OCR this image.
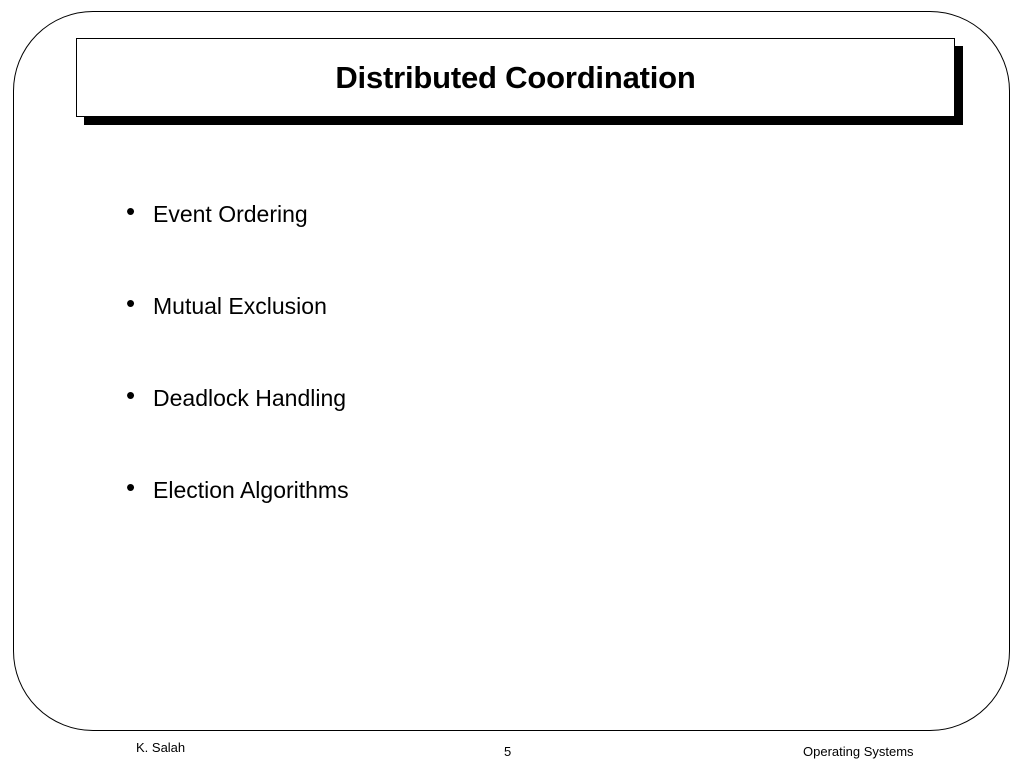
Distributed Coordination
• Event Ordering
• Mutual Exclusion
• Deadlock Handling
• Election Algorithms
K. Salah	5	Operating Systems
